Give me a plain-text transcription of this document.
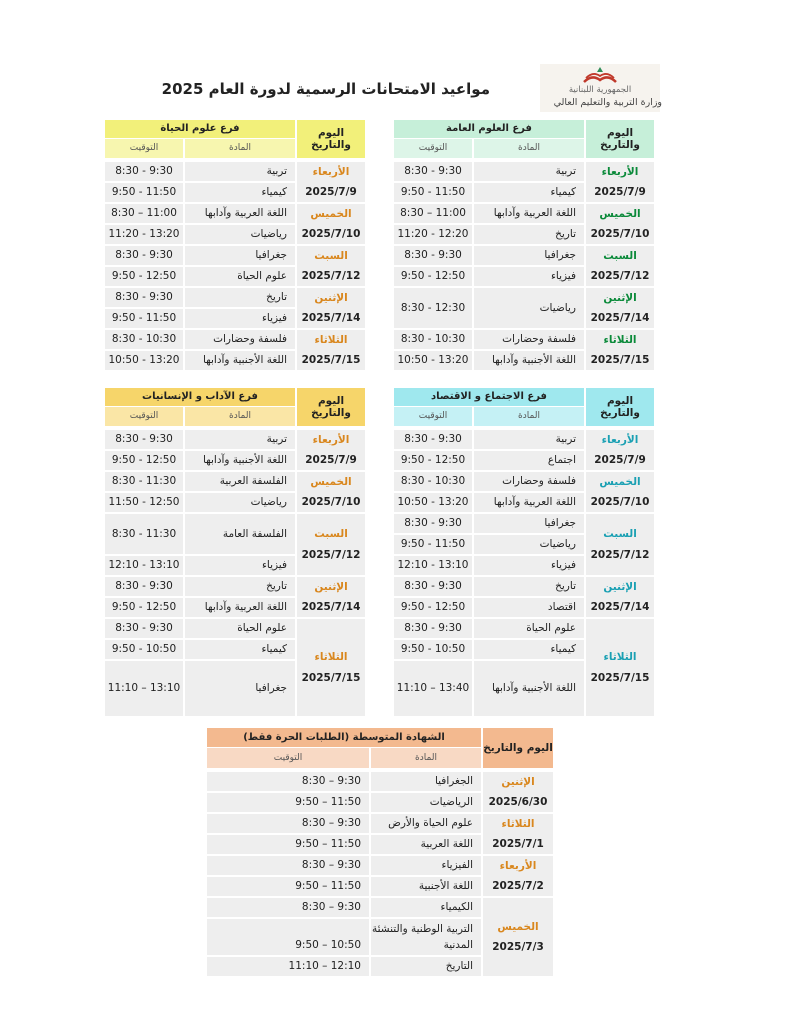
مواعيد الامتحانات الرسمية لدورة العام 2025	الجمهورية اللبنانية
وزارة التربية والتعليم العالي
اليوم والتاريخ
فرع العلوم العامة
المادة
التوقيت
تربية
8:30 - 9:30
كيمياء
9:50 - 11:50
اللغة العربية وآدابها
8:30 – 11:00
تاريخ
11:20 - 12:20
جغرافيا
8:30 - 9:30
فيزياء
9:50 - 12:50
رياضيات
8:30 - 12:30
فلسفة وحضارات
8:30 - 10:30
اللغة الأجنبية وآدابها
10:50 - 13:20
الأربعاء
2025/7/9
الخميس
2025/7/10
السبت
2025/7/12
الإثنين
2025/7/14
الثلاثاء
2025/7/15
اليوم والتاريخ
فرع علوم الحياة
المادة
التوقيت
تربية
8:30 - 9:30
كيمياء
9:50 - 11:50
اللغة العربية وآدابها
8:30 – 11:00
رياضيات
11:20 - 13:20
جغرافيا
8:30 - 9:30
علوم الحياة
9:50 - 12:50
تاريخ
8:30 - 9:30
فيزياء
9:50 - 11:50
فلسفة وحضارات
8:30 - 10:30
اللغة الأجنبية وآدابها
10:50 - 13:20
الأربعاء
2025/7/9
الخميس
2025/7/10
السبت
2025/7/12
الإثنين
2025/7/14
الثلاثاء
2025/7/15
اليوم والتاريخ
فرع الاجتماع و الاقتصاد
المادة
التوقيت
تربية
8:30 - 9:30
اجتماع
9:50 - 12:50
فلسفة وحضارات
8:30 - 10:30
اللغة العربية وآدابها
10:50 - 13:20
جغرافيا
8:30 - 9:30
رياضيات
9:50 - 11:50
فيزياء
12:10 - 13:10
تاريخ
8:30 - 9:30
اقتصاد
9:50 - 12:50
علوم الحياة
8:30 - 9:30
كيمياء
9:50 - 10:50
اللغة الأجنبية وآدابها
11:10 – 13:40
الأربعاء
2025/7/9
الخميس
2025/7/10
السبت
2025/7/12
الإثنين
2025/7/14
الثلاثاء
2025/7/15
اليوم والتاريخ
فرع الآداب و الإنسانيات
المادة
التوقيت
تربية
8:30 - 9:30
اللغة الأجنبية وآدابها
9:50 - 12:50
الفلسفة العربية
8:30 - 11:30
رياضيات
11:50 - 12:50
الفلسفة العامة
8:30 - 11:30
فيزياء
12:10 - 13:10
تاريخ
8:30 - 9:30
اللغة العربية وآدابها
9:50 - 12:50
علوم الحياة
8:30 - 9:30
كيمياء
9:50 - 10:50
جغرافيا
11:10 – 13:10
الأربعاء
2025/7/9
الخميس
2025/7/10
السبت
2025/7/12
الإثنين
2025/7/14
الثلاثاء
2025/7/15
اليوم والتاريخ
الشهادة المتوسطة (الطلبات الحرة فقط)
المادة
التوقيت
الجغرافيا
8:30 – 9:30
الرياضيات
9:50 – 11:50
علوم الحياة والأرض
8:30 – 9:30
اللغة العربية
9:50 – 11:50
الفيزياء
8:30 – 9:30
اللغة الأجنبية
9:50 – 11:50
الكيمياء
8:30 – 9:30
التربية الوطنية والتنشئة
المدنية
9:50 – 10:50
التاريخ
11:10 – 12:10
الإثنين
2025/6/30
الثلاثاء
2025/7/1
الأربعاء
2025/7/2
الخميس
2025/7/3
